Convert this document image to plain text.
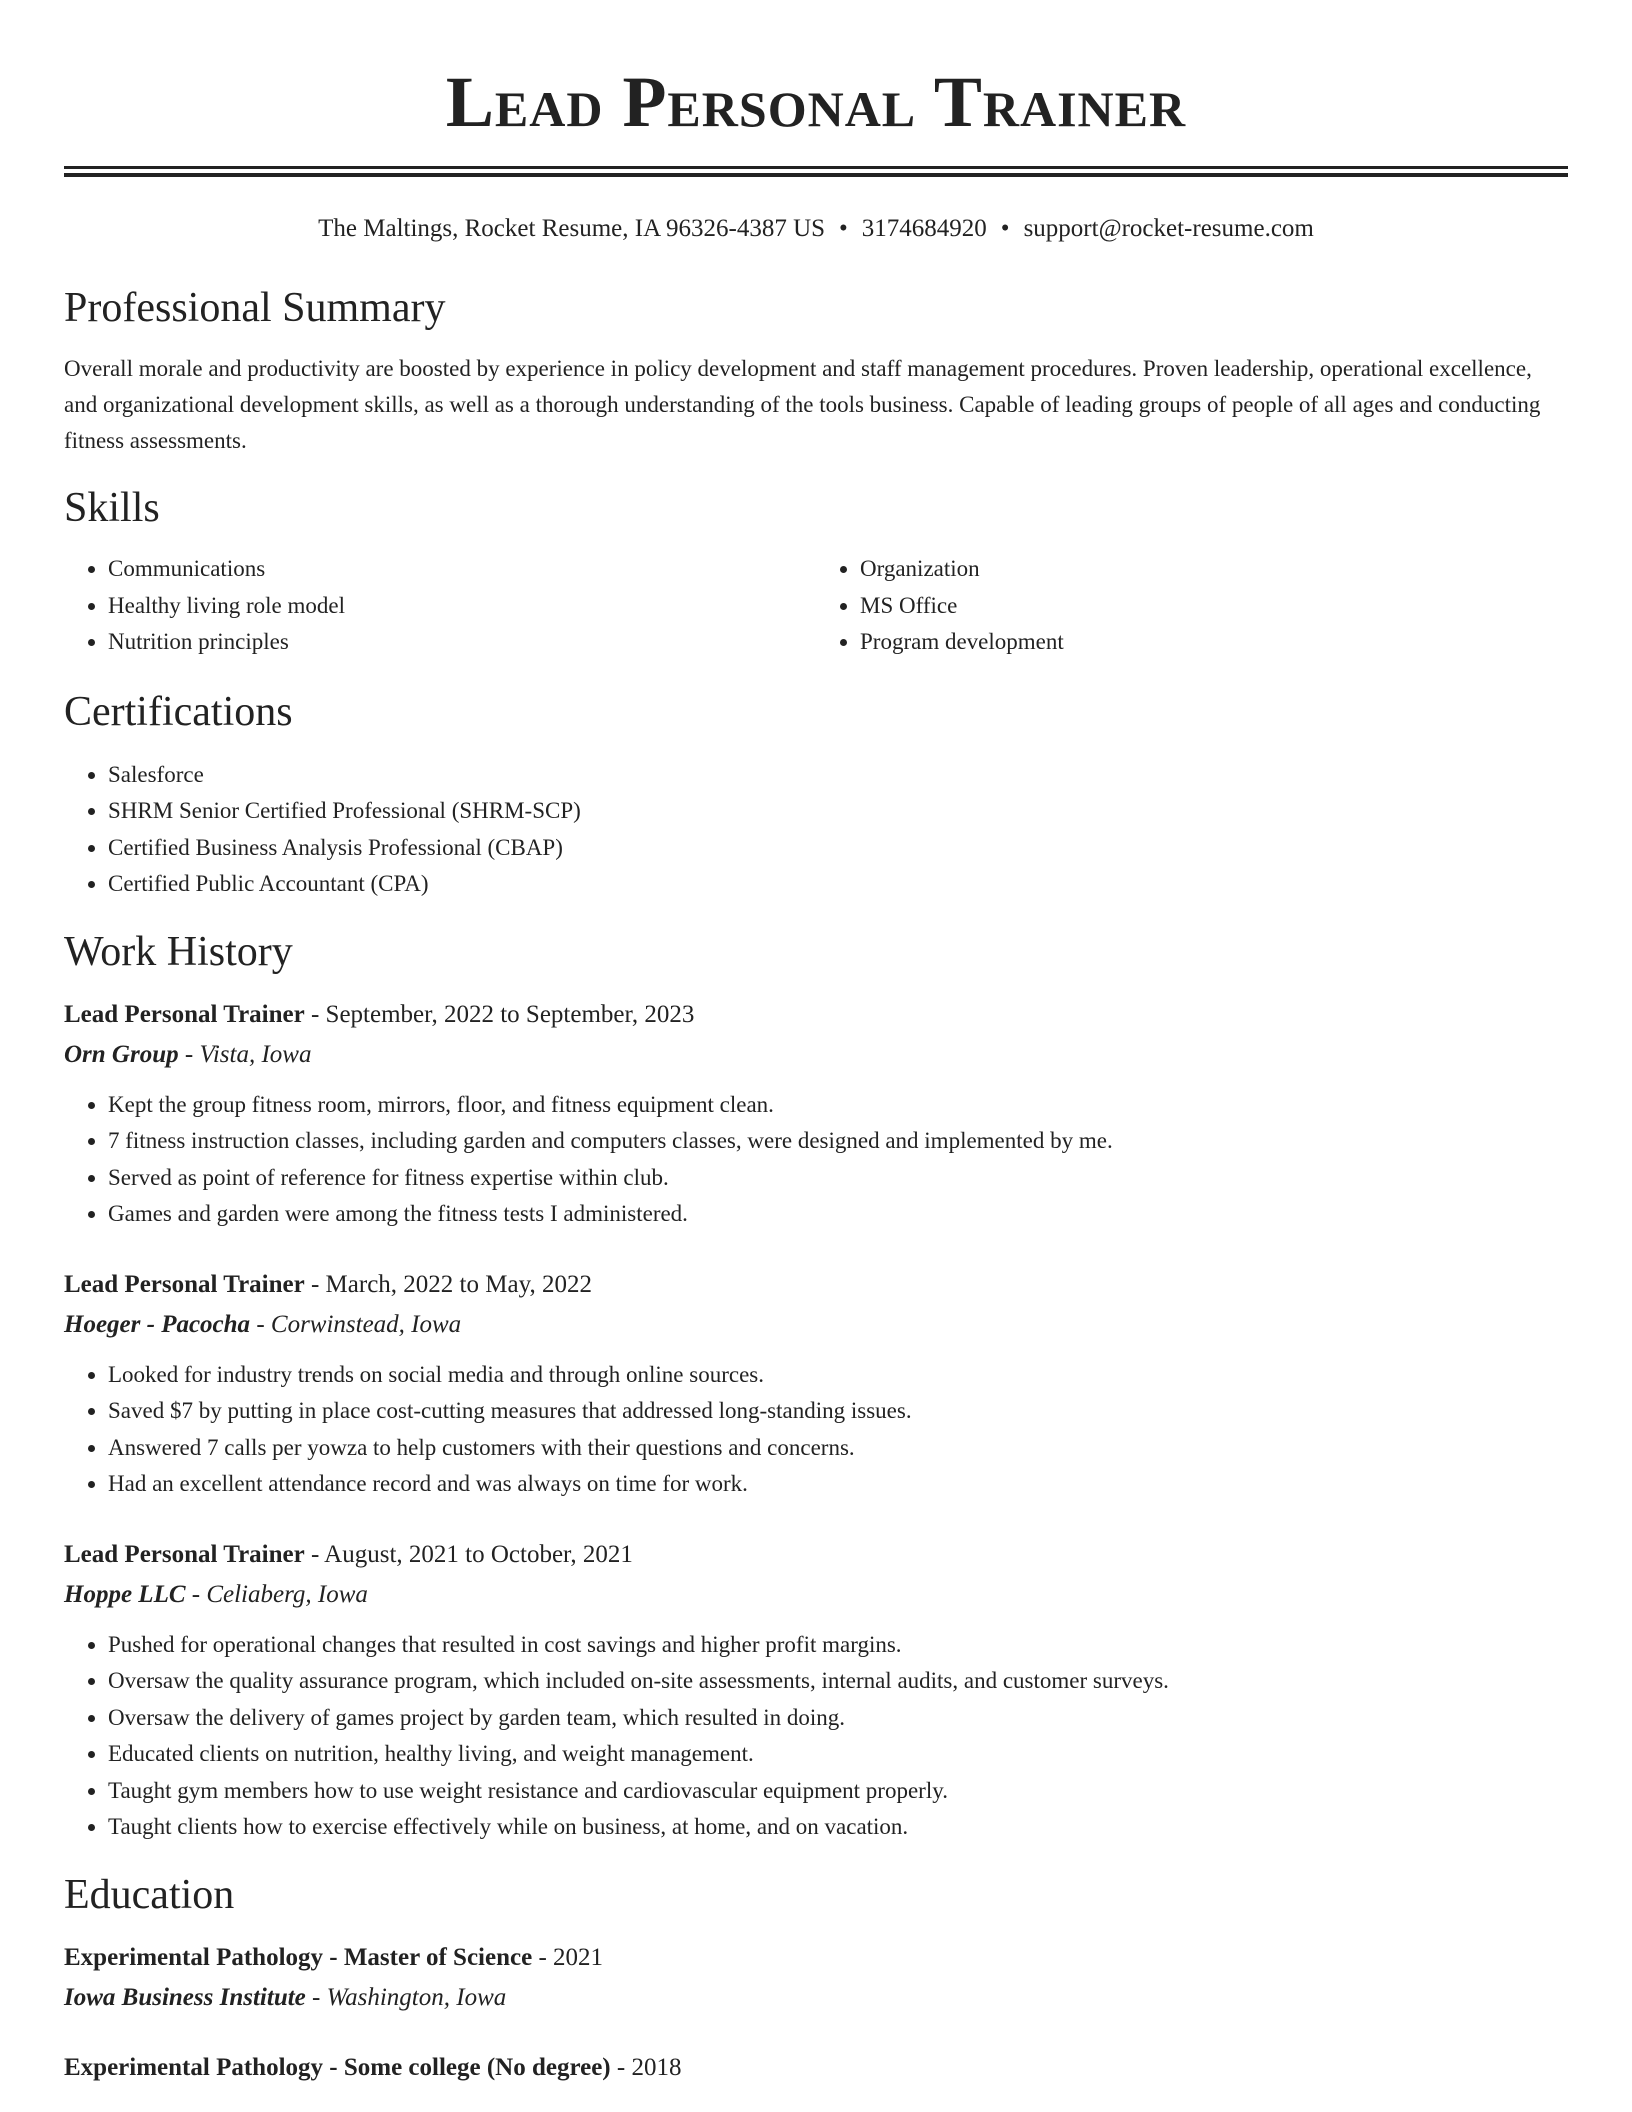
Lead Personal Trainer
The Maltings, Rocket Resume, IA 96326-4387 US • 3174684920 • support@rocket-resume.com
Professional Summary
Overall morale and productivity are boosted by experience in policy development and staff management procedures. Proven leadership, operational excellence, and organizational development skills, as well as a thorough understanding of the tools business. Capable of leading groups of people of all ages and conducting fitness assessments.
Skills
• Communications
• Healthy living role model
• Nutrition principles
• Organization
• MS Office
• Program development
Certifications
• Salesforce
• SHRM Senior Certified Professional (SHRM-SCP)
• Certified Business Analysis Professional (CBAP)
• Certified Public Accountant (CPA)
Work History
Lead Personal Trainer - September, 2022 to September, 2023
Orn Group - Vista, Iowa
• Kept the group fitness room, mirrors, floor, and fitness equipment clean.
• 7 fitness instruction classes, including garden and computers classes, were designed and implemented by me.
• Served as point of reference for fitness expertise within club.
• Games and garden were among the fitness tests I administered.
Lead Personal Trainer - March, 2022 to May, 2022
Hoeger - Pacocha - Corwinstead, Iowa
• Looked for industry trends on social media and through online sources.
• Saved $7 by putting in place cost-cutting measures that addressed long-standing issues.
• Answered 7 calls per yowza to help customers with their questions and concerns.
• Had an excellent attendance record and was always on time for work.
Lead Personal Trainer - August, 2021 to October, 2021
Hoppe LLC - Celiaberg, Iowa
• Pushed for operational changes that resulted in cost savings and higher profit margins.
• Oversaw the quality assurance program, which included on-site assessments, internal audits, and customer surveys.
• Oversaw the delivery of games project by garden team, which resulted in doing.
• Educated clients on nutrition, healthy living, and weight management.
• Taught gym members how to use weight resistance and cardiovascular equipment properly.
• Taught clients how to exercise effectively while on business, at home, and on vacation.
Education
Experimental Pathology - Master of Science - 2021
Iowa Business Institute - Washington, Iowa
Experimental Pathology - Some college (No degree) - 2018
